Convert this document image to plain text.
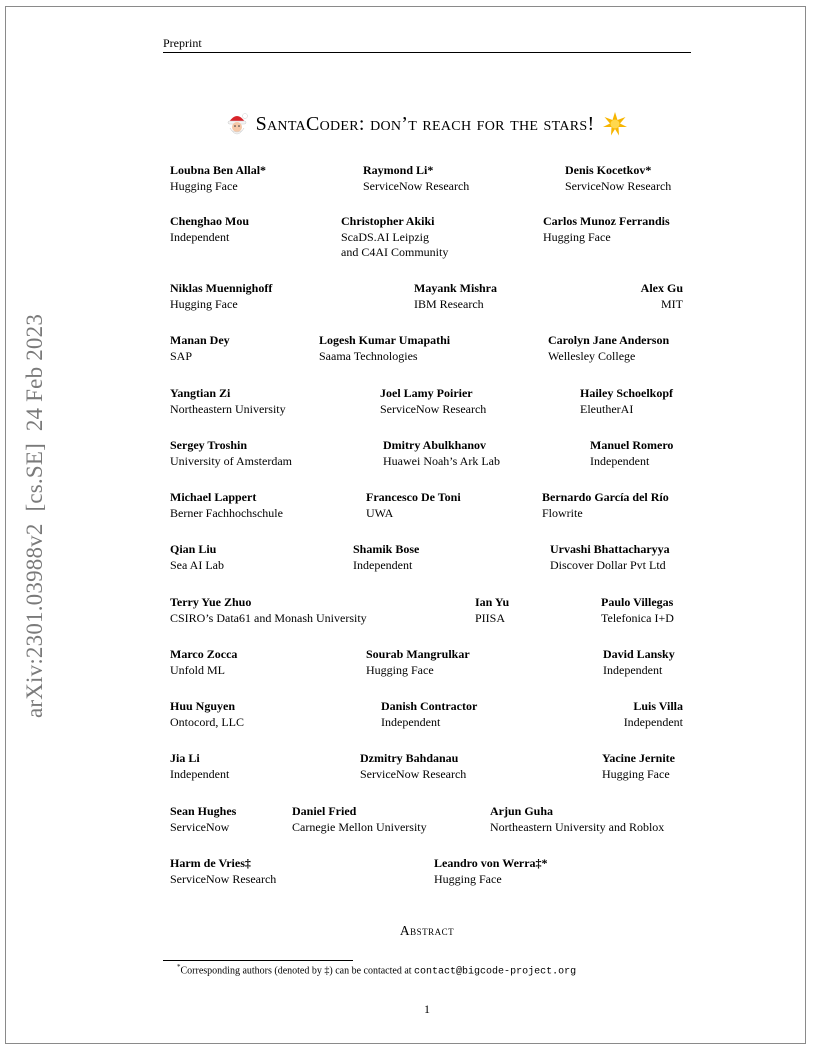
Preprint
arXiv:2301.03988v2  [cs.SE]  24 Feb 2023
SantaCoder: don’t reach for the stars!
Loubna Ben Allal*
Hugging Face
Raymond Li*
ServiceNow Research
Denis Kocetkov*
ServiceNow Research
Chenghao Mou
Independent
Christopher Akiki
ScaDS.AI Leipzig
and C4AI Community
Carlos Munoz Ferrandis
Hugging Face
Niklas Muennighoff
Hugging Face
Mayank Mishra
IBM Research
Alex Gu
MIT
Manan Dey
SAP
Logesh Kumar Umapathi
Saama Technologies
Carolyn Jane Anderson
Wellesley College
Yangtian Zi
Northeastern University
Joel Lamy Poirier
ServiceNow Research
Hailey Schoelkopf
EleutherAI
Sergey Troshin
University of Amsterdam
Dmitry Abulkhanov
Huawei Noah’s Ark Lab
Manuel Romero
Independent
Michael Lappert
Berner Fachhochschule
Francesco De Toni
UWA
Bernardo García del Río
Flowrite
Qian Liu
Sea AI Lab
Shamik Bose
Independent
Urvashi Bhattacharyya
Discover Dollar Pvt Ltd
Terry Yue Zhuo
CSIRO’s Data61 and Monash University
Ian Yu
PIISA
Paulo Villegas
Telefonica I+D
Marco Zocca
Unfold ML
Sourab Mangrulkar
Hugging Face
David Lansky
Independent
Huu Nguyen
Ontocord, LLC
Danish Contractor
Independent
Luis Villa
Independent
Jia Li
Independent
Dzmitry Bahdanau
ServiceNow Research
Yacine Jernite
Hugging Face
Sean Hughes
ServiceNow
Daniel Fried
Carnegie Mellon University
Arjun Guha
Northeastern University and Roblox
Harm de Vries‡
ServiceNow Research
Leandro von Werra‡*
Hugging Face
Abstract
*Corresponding authors (denoted by ‡) can be contacted at contact@bigcode-project.org
1
